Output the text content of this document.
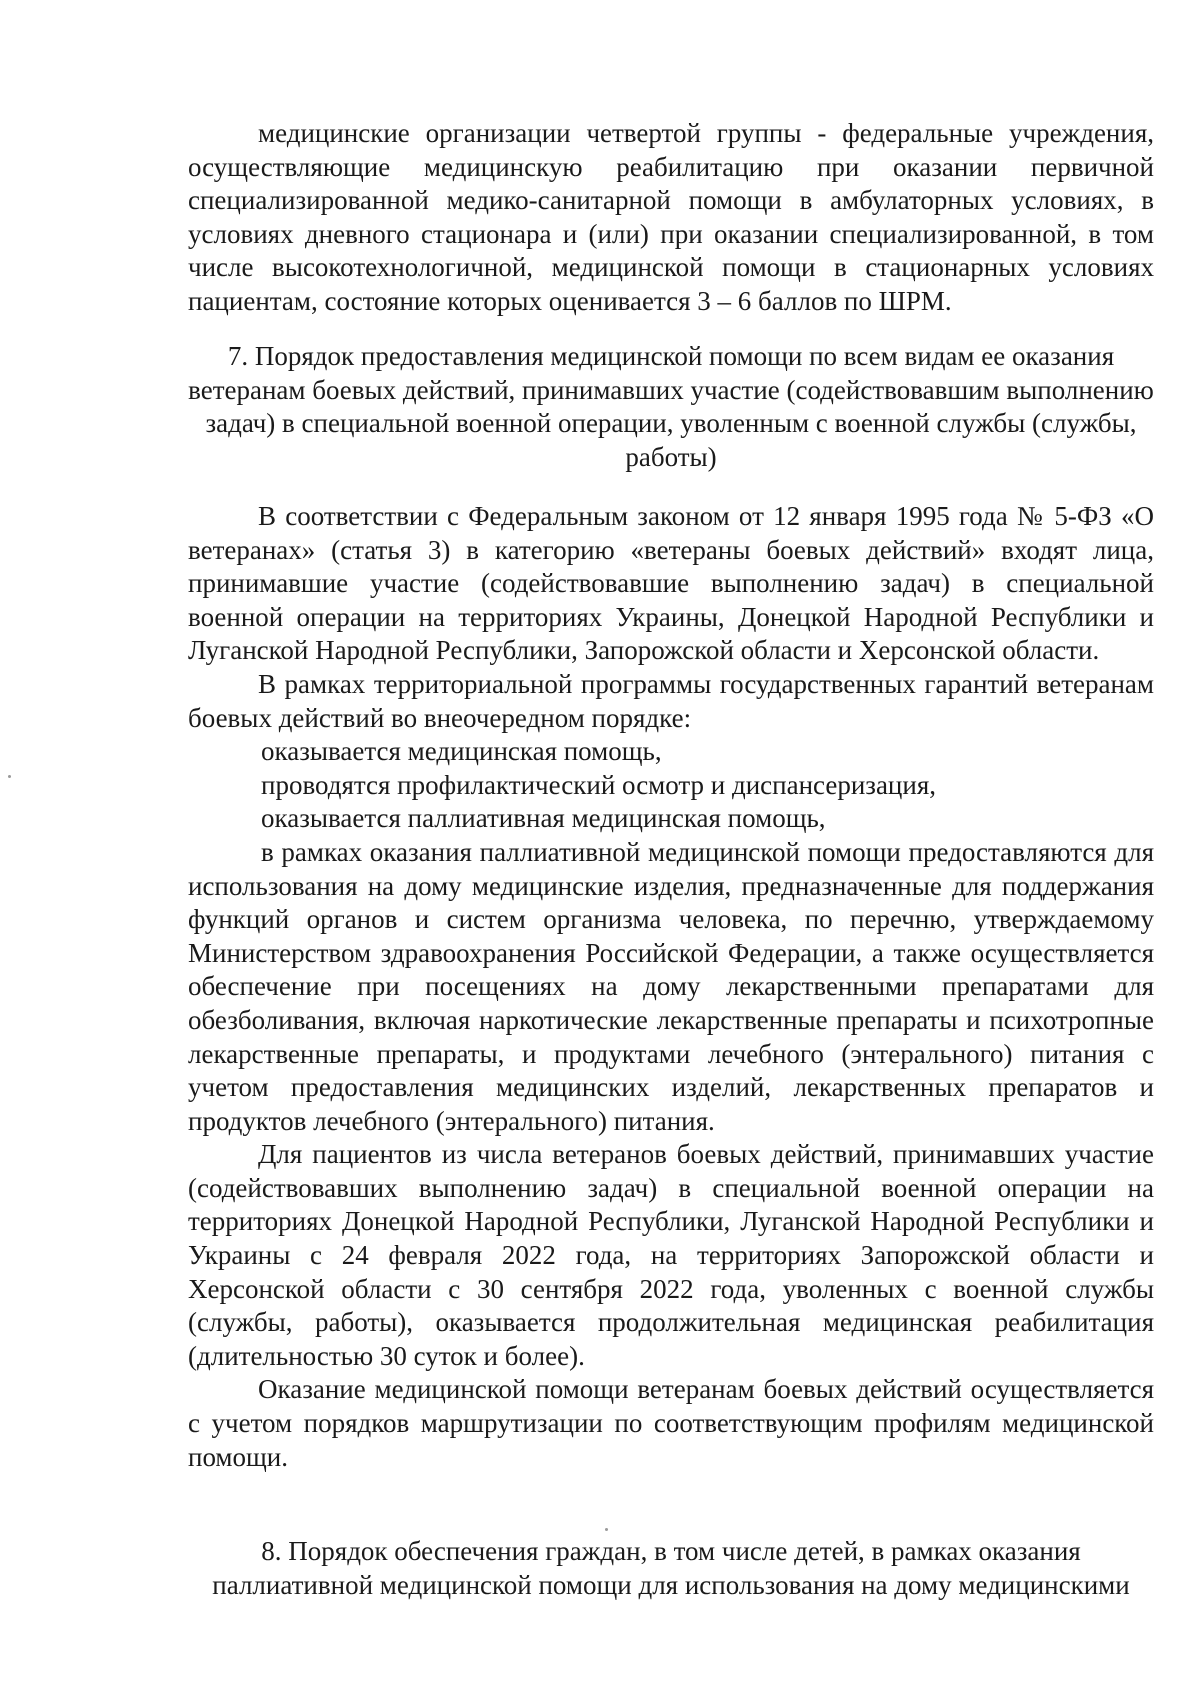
медицинские организации четвертой группы - федеральные учреждения, осуществляющие медицинскую реабилитацию при оказании первичной специализированной медико-санитарной помощи в амбулаторных условиях, в условиях дневного стационара и (или) при оказании специализированной, в том числе высокотехнологичной, медицинской помощи в стационарных условиях пациентам, состояние которых оценивается 3 – 6 баллов по ШРМ.

7. Порядок предоставления медицинской помощи по всем видам ее оказания ветеранам боевых действий, принимавших участие (содействовавшим выполнению задач) в специальной военной операции, уволенным с военной службы (службы, работы)

В соответствии с Федеральным законом от 12 января 1995 года № 5-ФЗ «О ветеранах» (статья 3) в категорию «ветераны боевых действий» входят лица, принимавшие участие (содействовавшие выполнению задач) в специальной военной операции на территориях Украины, Донецкой Народной Республики и Луганской Народной Республики, Запорожской области и Херсонской области.

В рамках территориальной программы государственных гарантий ветеранам боевых действий во внеочередном порядке:

оказывается медицинская помощь,

проводятся профилактический осмотр и диспансеризация,

оказывается паллиативная медицинская помощь,

в рамках оказания паллиативной медицинской помощи предоставляются для использования на дому медицинские изделия, предназначенные для поддержания функций органов и систем организма человека, по перечню, утверждаемому Министерством здравоохранения Российской Федерации, а также осуществляется обеспечение при посещениях на дому лекарственными препаратами для обезболивания, включая наркотические лекарственные препараты и психотропные лекарственные препараты, и продуктами лечебного (энтерального) питания с учетом предоставления медицинских изделий, лекарственных препаратов и продуктов лечебного (энтерального) питания.

Для пациентов из числа ветеранов боевых действий, принимавших участие (содействовавших выполнению задач) в специальной военной операции на территориях Донецкой Народной Республики, Луганской Народной Республики и Украины с 24 февраля 2022 года, на территориях Запорожской области и Херсонской области с 30 сентября 2022 года, уволенных с военной службы (службы, работы), оказывается продолжительная медицинская реабилитация (длительностью 30 суток и более).

Оказание медицинской помощи ветеранам боевых действий осуществляется с учетом порядков маршрутизации по соответствующим профилям медицинской помощи.

8. Порядок обеспечения граждан, в том числе детей, в рамках оказания паллиативной медицинской помощи для использования на дому медицинскими
